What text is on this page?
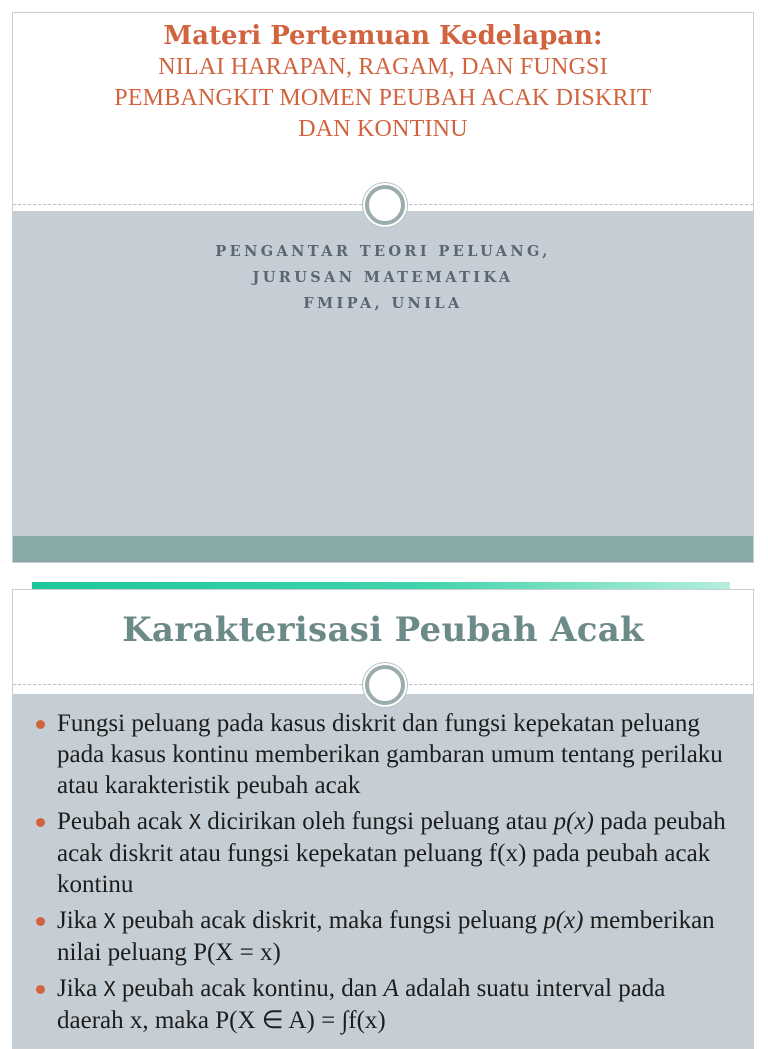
Materi Pertemuan Kedelapan:
NILAI HARAPAN, RAGAM, DAN FUNGSI
PEMBANGKIT MOMEN PEUBAH ACAK DISKRIT
DAN KONTINU
PENGANTAR TEORI PELUANG,
JURUSAN MATEMATIKA
FMIPA, UNILA
Karakterisasi Peubah Acak
Fungsi peluang pada kasus diskrit dan fungsi kepekatan peluang pada kasus kontinu memberikan gambaran umum tentang perilaku atau karakteristik peubah acak
Peubah acak X dicirikan oleh fungsi peluang atau p(x) pada peubah acak diskrit atau fungsi kepekatan peluang f(x) pada peubah acak kontinu
Jika X peubah acak diskrit, maka fungsi peluang p(x) memberikan nilai peluang P(X = x)
Jika X peubah acak kontinu, dan A adalah suatu interval pada daerah x, maka P(X ∈ A) = ∫f(x)
